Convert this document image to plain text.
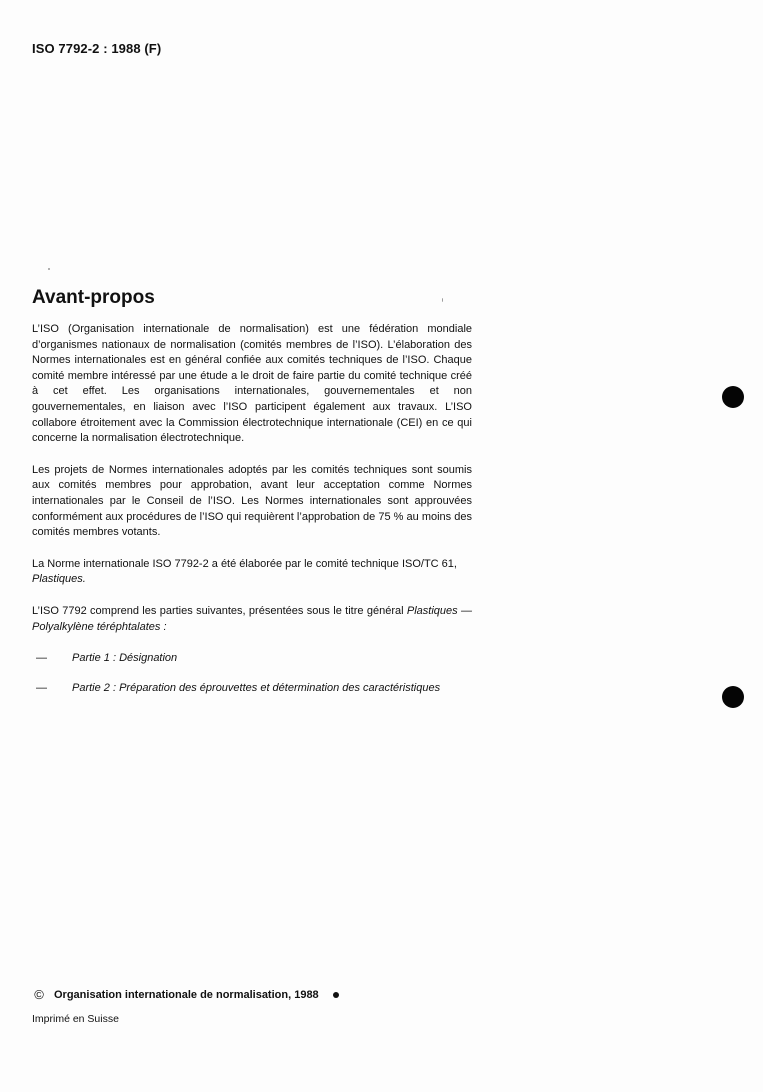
ISO 7792-2 : 1988 (F)
Avant-propos

L’ISO (Organisation internationale de normalisation) est une fédération mondiale d’organismes nationaux de normalisation (comités membres de l’ISO). L’élaboration des Normes internationales est en général confiée aux comités techniques de l’ISO. Chaque comité membre intéressé par une étude a le droit de faire partie du comité technique créé à cet effet. Les organisations internationales, gouvernementales et non gouvernementales, en liaison avec l’ISO participent également aux travaux. L’ISO collabore étroitement avec la Commission électrotechnique internationale (CEI) en ce qui concerne la normalisation électrotechnique.

Les projets de Normes internationales adoptés par les comités techniques sont soumis aux comités membres pour approbation, avant leur acceptation comme Normes internationales par le Conseil de l’ISO. Les Normes internationales sont approuvées conformément aux procédures de l’ISO qui requièrent l’approbation de 75 % au moins des comités membres votants.

La Norme internationale ISO 7792-2 a été élaborée par le comité technique ISO/TC 61,
Plastiques.

L’ISO 7792 comprend les parties suivantes, présentées sous le titre général Plastiques — Polyalkylène téréphtalates :

— Partie 1 : Désignation
— Partie 2 : Préparation des éprouvettes et détermination des caractéristiques
© Organisation internationale de normalisation, 1988
Imprimé en Suisse
